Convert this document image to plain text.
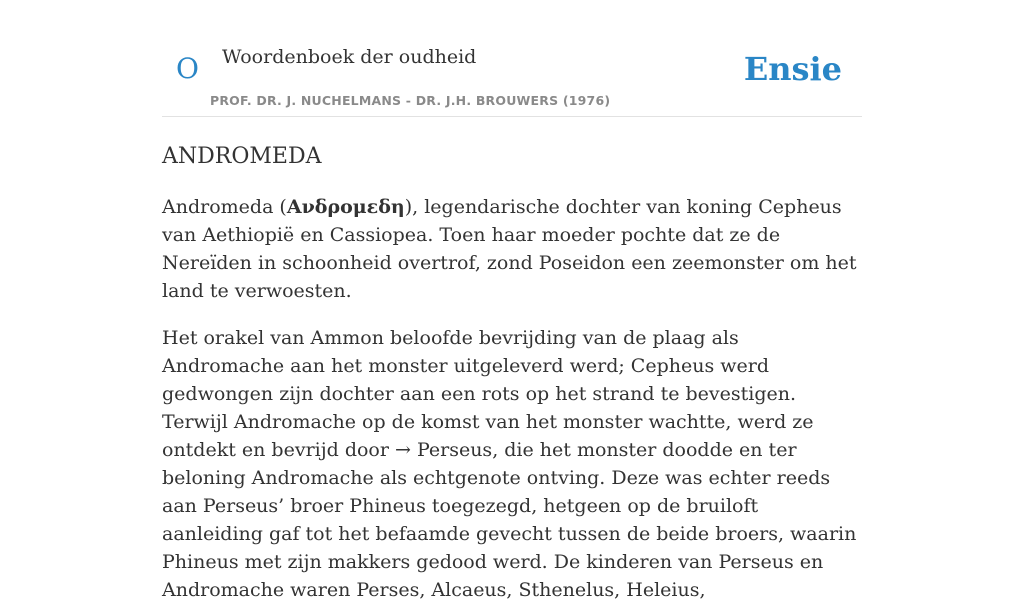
O Woordenboek der oudheid
PROF. DR. J. NUCHELMANS - DR. J.H. BROUWERS (1976)
Ensie
ANDROMEDA

Andromeda (Ανδρομεδη), legendarische dochter van koning Cepheus van Aethiopië en Cassiopea. Toen haar moeder pochte dat ze de Nereïden in schoonheid overtrof, zond Poseidon een zeemonster om het land te verwoesten.

Het orakel van Ammon beloofde bevrijding van de plaag als Andromache aan het monster uitgeleverd werd; Cepheus werd gedwongen zijn dochter aan een rots op het strand te bevestigen. Terwijl Andromache op de komst van het monster wachtte, werd ze ontdekt en bevrijd door → Perseus, die het monster doodde en ter beloning Andromache als echtgenote ontving. Deze was echter reeds aan Perseus’ broer Phineus toegezegd, hetgeen op de bruiloft aanleiding gaf tot het befaamde gevecht tussen de beide broers, waarin Phineus met zijn makkers gedood werd. De kinderen van Perseus en Andromache waren Perses, Alcaeus, Sthenelus, Heleius,
